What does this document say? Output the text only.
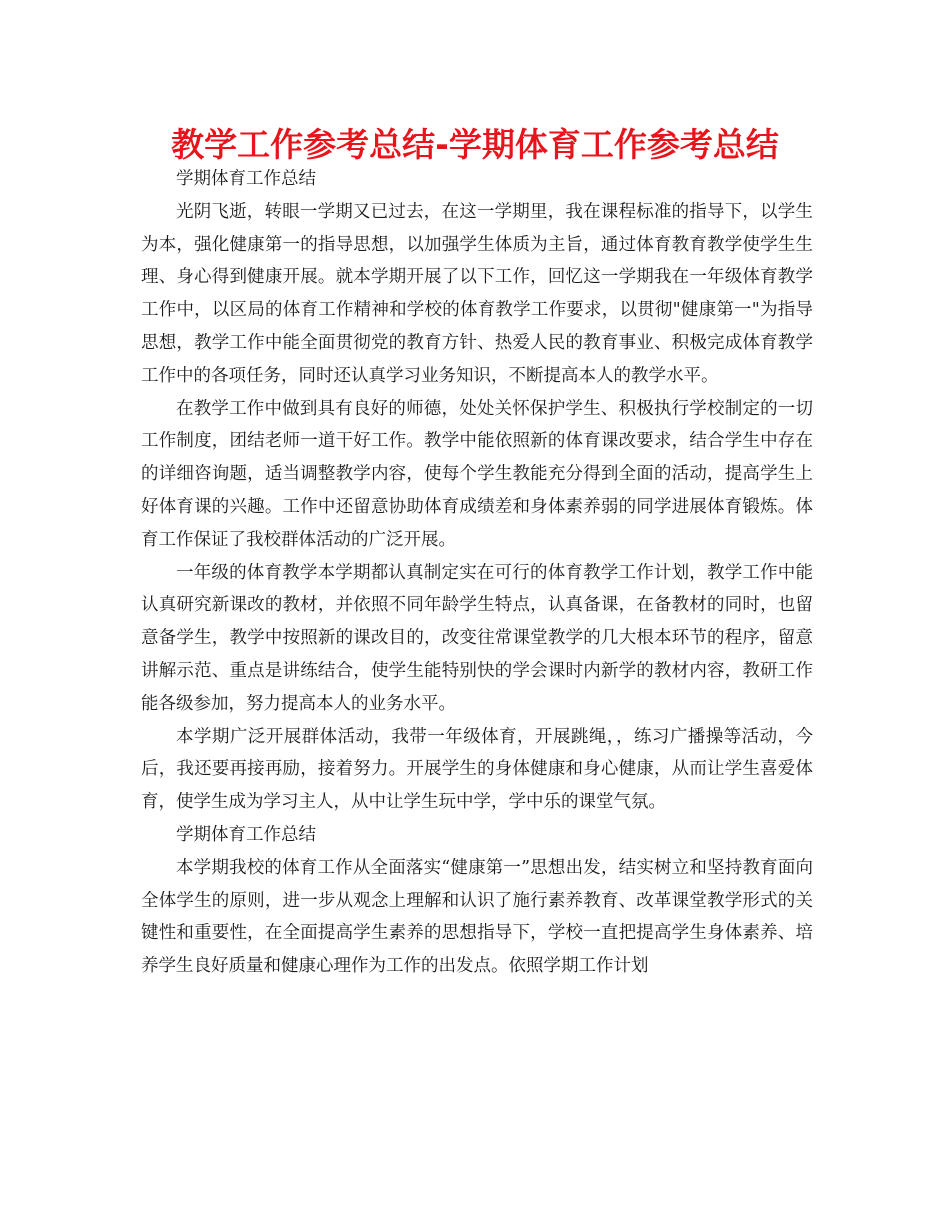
教学工作参考总结-学期体育工作参考总结

学期体育工作总结

光阴飞逝，转眼一学期又已过去，在这一学期里，我在课程标准的指导下，以学生为本，强化健康第一的指导思想，以加强学生体质为主旨，通过体育教育教学使学生生理、身心得到健康开展。就本学期开展了以下工作，回忆这一学期我在一年级体育教学工作中，以区局的体育工作精神和学校的体育教学工作要求，以贯彻"健康第一"为指导思想，教学工作中能全面贯彻党的教育方针、热爱人民的教育事业、积极完成体育教学工作中的各项任务，同时还认真学习业务知识，不断提高本人的教学水平。

在教学工作中做到具有良好的师德，处处关怀保护学生、积极执行学校制定的一切工作制度，团结老师一道干好工作。教学中能依照新的体育课改要求，结合学生中存在的详细咨询题，适当调整教学内容，使每个学生教能充分得到全面的活动，提高学生上好体育课的兴趣。工作中还留意协助体育成绩差和身体素养弱的同学进展体育锻炼。体育工作保证了我校群体活动的广泛开展。

一年级的体育教学本学期都认真制定实在可行的体育教学工作计划，教学工作中能认真研究新课改的教材，并依照不同年龄学生特点，认真备课，在备教材的同时，也留意备学生，教学中按照新的课改目的，改变往常课堂教学的几大根本环节的程序，留意讲解示范、重点是讲练结合，使学生能特别快的学会课时内新学的教材内容，教研工作能各级参加，努力提高本人的业务水平。

本学期广泛开展群体活动，我带一年级体育，开展跳绳，，练习广播操等活动，今后，我还要再接再励，接着努力。开展学生的身体健康和身心健康，从而让学生喜爱体育，使学生成为学习主人，从中让学生玩中学，学中乐的课堂气氛。

学期体育工作总结

本学期我校的体育工作从全面落实“健康第一”思想出发，结实树立和坚持教育面向全体学生的原则，进一步从观念上理解和认识了施行素养教育、改革课堂教学形式的关键性和重要性，在全面提高学生素养的思想指导下，学校一直把提高学生身体素养、培养学生良好质量和健康心理作为工作的出发点。依照学期工作计划
